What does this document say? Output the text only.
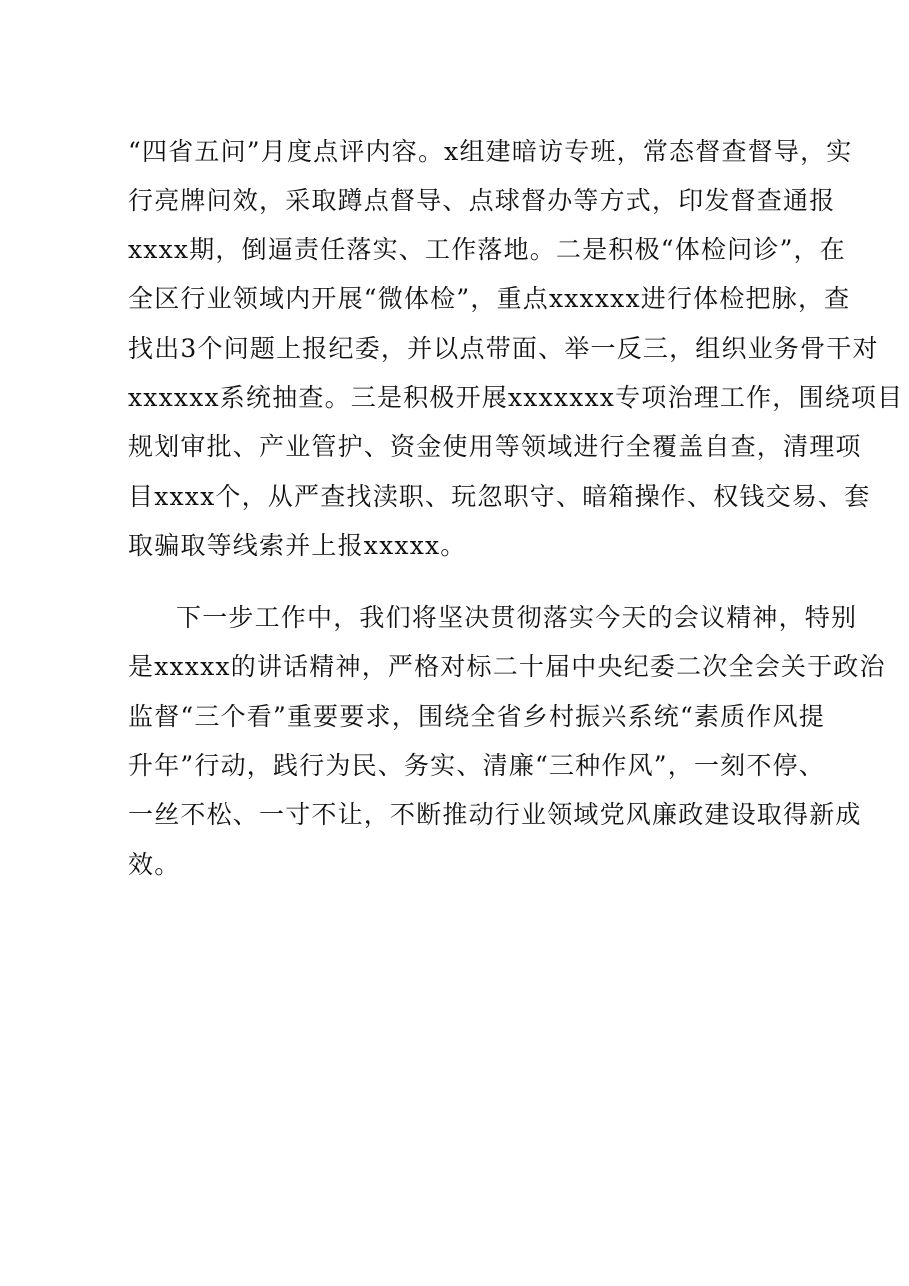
“四省五问”月度点评内容。x组建暗访专班，常态督查督导，实
行亮牌问效，采取蹲点督导、点球督办等方式，印发督查通报
xxxx期，倒逼责任落实、工作落地。二是积极“体检问诊”，在
全区行业领域内开展“微体检”，重点xxxxxx进行体检把脉，查
找出3个问题上报纪委，并以点带面、举一反三，组织业务骨干对
xxxxxx系统抽查。三是积极开展xxxxxxx专项治理工作，围绕项目
规划审批、产业管护、资金使用等领域进行全覆盖自查，清理项
目xxxx个，从严查找渎职、玩忽职守、暗箱操作、权钱交易、套
取骗取等线索并上报xxxxx。
下一步工作中，我们将坚决贯彻落实今天的会议精神，特别
是xxxxx的讲话精神，严格对标二十届中央纪委二次全会关于政治
监督“三个看”重要要求，围绕全省乡村振兴系统“素质作风提
升年”行动，践行为民、务实、清廉“三种作风”，一刻不停、
一丝不松、一寸不让，不断推动行业领域党风廉政建设取得新成
效。
